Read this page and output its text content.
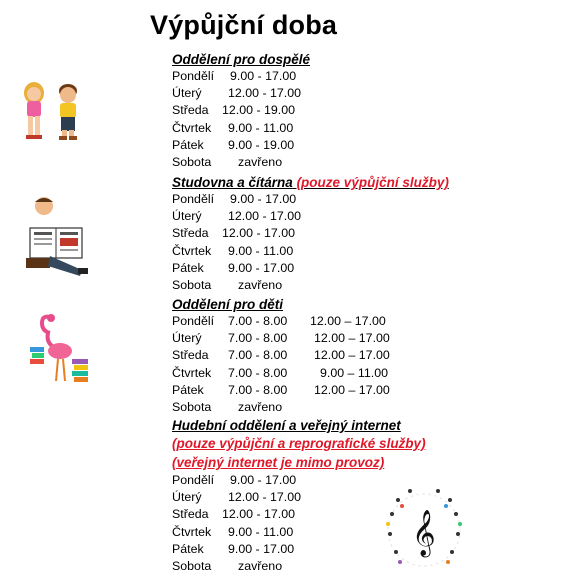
Výpůjční doba
Oddělení pro dospělé
Pondělí 9.00 - 17.00
Úterý 12.00 - 17.00
Středa 12.00 - 19.00
Čtvrtek 9.00 - 11.00
Pátek 9.00 - 19.00
Sobota zavřeno
Studovna a čítárna (pouze výpůjční služby)
Pondělí 9.00 - 17.00
Úterý 12.00 - 17.00
Středa 12.00 - 17.00
Čtvrtek 9.00 - 11.00
Pátek 9.00 - 17.00
Sobota zavřeno
Oddělení pro děti
Pondělí 7.00 - 8.00 12.00 – 17.00
Úterý 7.00 - 8.00 12.00 – 17.00
Středa 7.00 - 8.00 12.00 – 17.00
Čtvrtek 7.00 - 8.00	9.00 – 11.00
Pátek 7.00 - 8.00 12.00 – 17.00
Sobota zavřeno
Hudební oddělení a veřejný internet
(pouze výpůjční a reprografické služby)
(veřejný internet je mimo provoz)
Pondělí 9.00 - 17.00
Úterý 12.00 - 17.00
Středa 12.00 - 17.00
Čtvrtek 9.00 - 11.00
Pátek 9.00 - 17.00
Sobota zavřeno
𝄞
